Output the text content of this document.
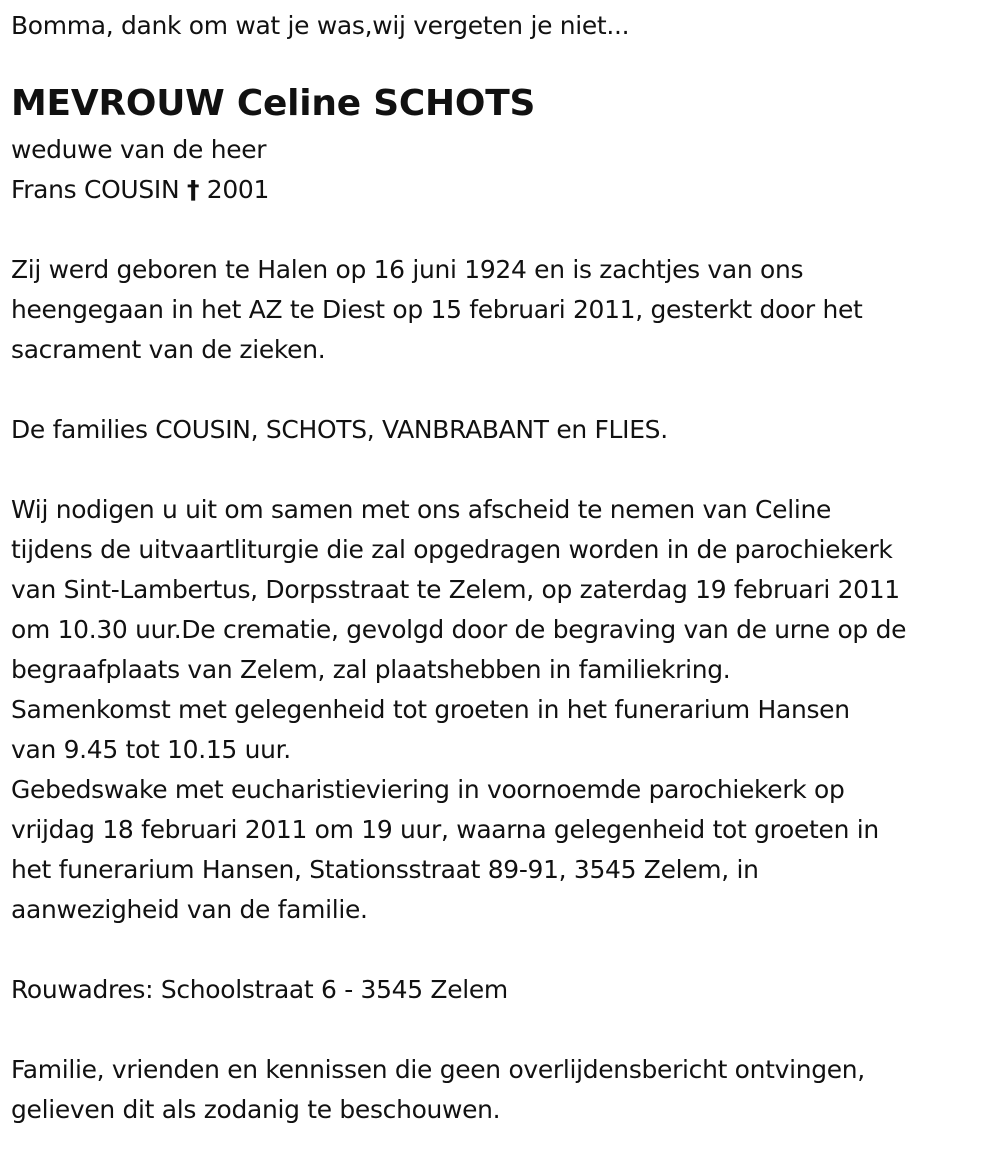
Bomma, dank om wat je was,wij vergeten je niet...
MEVROUW Celine SCHOTS
weduwe van de heer
Frans COUSIN † 2001
Zij werd geboren te Halen op 16 juni 1924 en is zachtjes van ons
heengegaan in het AZ te Diest op 15 februari 2011, gesterkt door het
sacrament van de zieken.
De families COUSIN, SCHOTS, VANBRABANT en FLIES.
Wij nodigen u uit om samen met ons afscheid te nemen van Celine
tijdens de uitvaartliturgie die zal opgedragen worden in de parochiekerk
van Sint-Lambertus, Dorpsstraat te Zelem, op zaterdag 19 februari 2011
om 10.30 uur.De crematie, gevolgd door de begraving van de urne op de
begraafplaats van Zelem, zal plaatshebben in familiekring.
Samenkomst met gelegenheid tot groeten in het funerarium Hansen
van 9.45 tot 10.15 uur.
Gebedswake met eucharistieviering in voornoemde parochiekerk op
vrijdag 18 februari 2011 om 19 uur, waarna gelegenheid tot groeten in
het funerarium Hansen, Stationsstraat 89-91, 3545 Zelem, in
aanwezigheid van de familie.
Rouwadres: Schoolstraat 6 - 3545 Zelem
Familie, vrienden en kennissen die geen overlijdensbericht ontvingen,
gelieven dit als zodanig te beschouwen.
